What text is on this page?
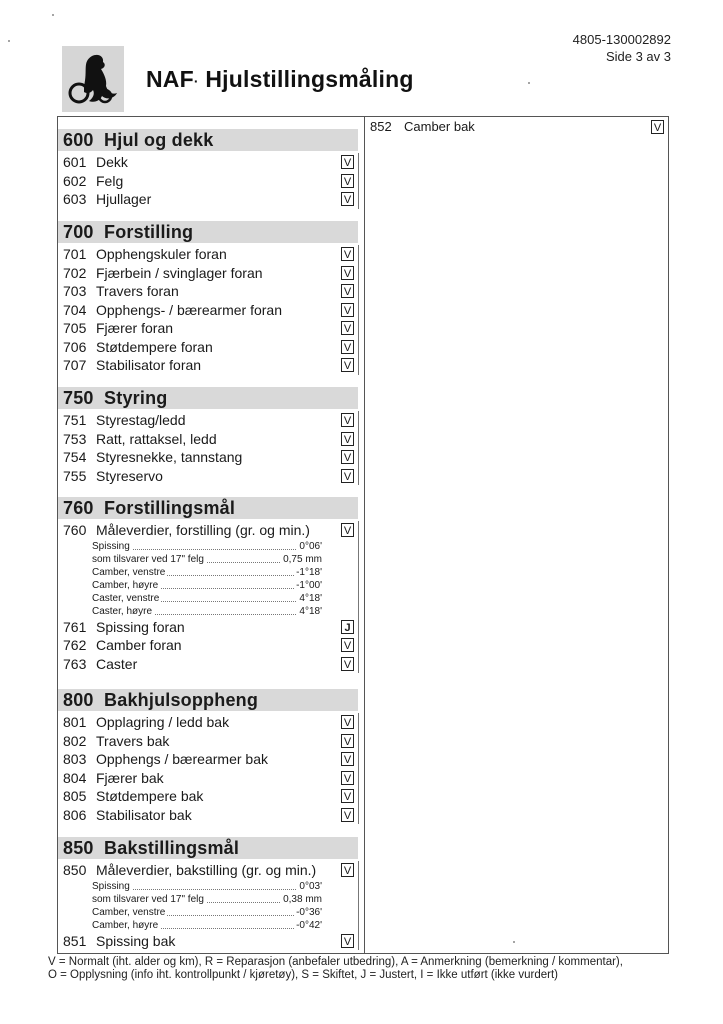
NAF· Hjulstillingsmåling
4805-130002892
Side 3 av 3
600 Hjul og dekk
601 Dekk	V
602 Felg	V
603 Hjullager	V
700 Forstilling
701 Opphengskuler foran	V
702 Fjærbein / svinglager foran	V
703 Travers foran	V
704 Opphengs- / bærearmer foran	V
705 Fjærer foran	V
706 Støtdempere foran	V
707 Stabilisator foran	V
750 Styring
751 Styrestag/ledd	V
753 Ratt, rattaksel, ledd	V
754 Styresnekke, tannstang	V
755 Styreservo	V
760 Forstillingsmål
760 Måleverdier, forstilling (gr. og min.)	V
Spissing	0°06'
som tilsvarer ved 17" felg	0,75 mm
Camber, venstre	-1°18'
Camber, høyre	-1°00'
Caster, venstre	4°18'
Caster, høyre	4°18'
761 Spissing foran	J
762 Camber foran	V
763 Caster	V
800 Bakhjulsoppheng
801 Opplagring / ledd bak	V
802 Travers bak	V
803 Opphengs / bærearmer bak	V
804 Fjærer bak	V
805 Støtdempere bak	V
806 Stabilisator bak	V
850 Bakstillingsmål
850 Måleverdier, bakstilling (gr. og min.)	V
Spissing	0°03'
som tilsvarer ved 17" felg	0,38 mm
Camber, venstre	-0°36'
Camber, høyre	-0°42'
851 Spissing bak	V
852 Camber bak	V
V = Normalt (iht. alder og km), R = Reparasjon (anbefaler utbedring), A = Anmerkning (bemerkning / kommentar),
O = Opplysning (info iht. kontrollpunkt / kjøretøy), S = Skiftet, J = Justert, I = Ikke utført (ikke vurdert)
